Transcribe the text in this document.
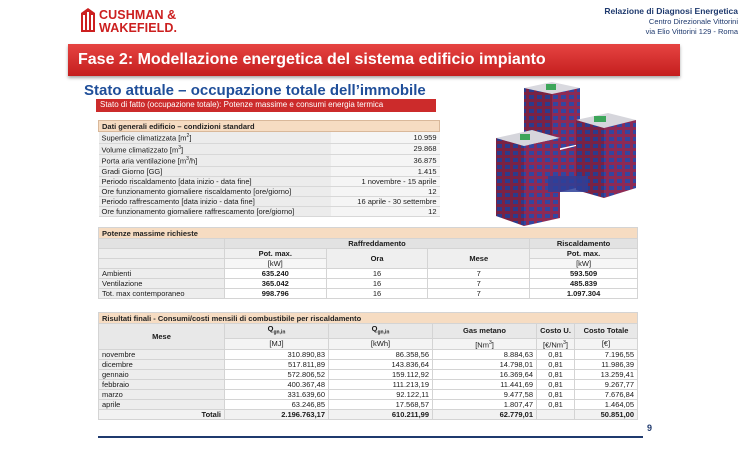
CUSHMAN &
WAKEFIELD.
Relazione di Diagnosi Energetica
Centro Direzionale Vittorini
via Elio Vittorini 129 - Roma
Fase 2: Modellazione energetica del sistema edificio impianto
Stato attuale – occupazione totale dell’immobile
Stato di fatto (occupazione totale): Potenze massime e consumi energia termica
Dati generali edificio – condizioni standard	
Superficie climatizzata $[m^2]$	10.959
Volume climatizzato $[m^3]$	29.868
Porta aria ventilazione $[m^3/h]$	36.875
Gradi Giorno [GG]	1.415
Periodo riscaldamento [data inizio - data fine]	1 novembre - 15 aprile
Ore funzionamento giornaliere riscaldamento [ore/giorno]	12
Periodo raffrescamento [data inizio - data fine]	16 aprile - 30 settembre
Ore funzionamento giornaliere raffrescamento [ore/giorno]	12
Potenze massime richieste				
	Raffreddamento			Riscaldamento
	Pot. max.	Ora	Mese	Pot. max.
	[kW]			[kW]
Ambienti	635.240	16	7	593.509
Ventilazione	365.042	16	7	485.839
Tot. max contemporaneo	998.796	16	7	1.097.304
Risultati finali - Consumi/costi mensili di combustibile per riscaldamento					
Mese	$Q_{gn,in}$	$Q_{gn,in}$	Gas metano	Costo U.	Costo Totale
	[MJ]	[kWh]	[Nm$^3$]	[€/Nm$^3$]	[€]
novembre	310.890,83	86.358,56	8.884,63	0,81	7.196,55
dicembre	517.811,89	143.836,64	14.798,01	0,81	11.986,39
gennaio	572.806,52	159.112,92	16.369,64	0,81	13.259,41
febbraio	400.367,48	111.213,19	11.441,69	0,81	9.267,77
marzo	331.639,60	92.122,11	9.477,58	0,81	7.676,84
aprile	63.246,85	17.568,57	1.807,47	0,81	1.464,05
Totali	2.196.763,17	610.211,99	62.779,01		50.851,00
9
